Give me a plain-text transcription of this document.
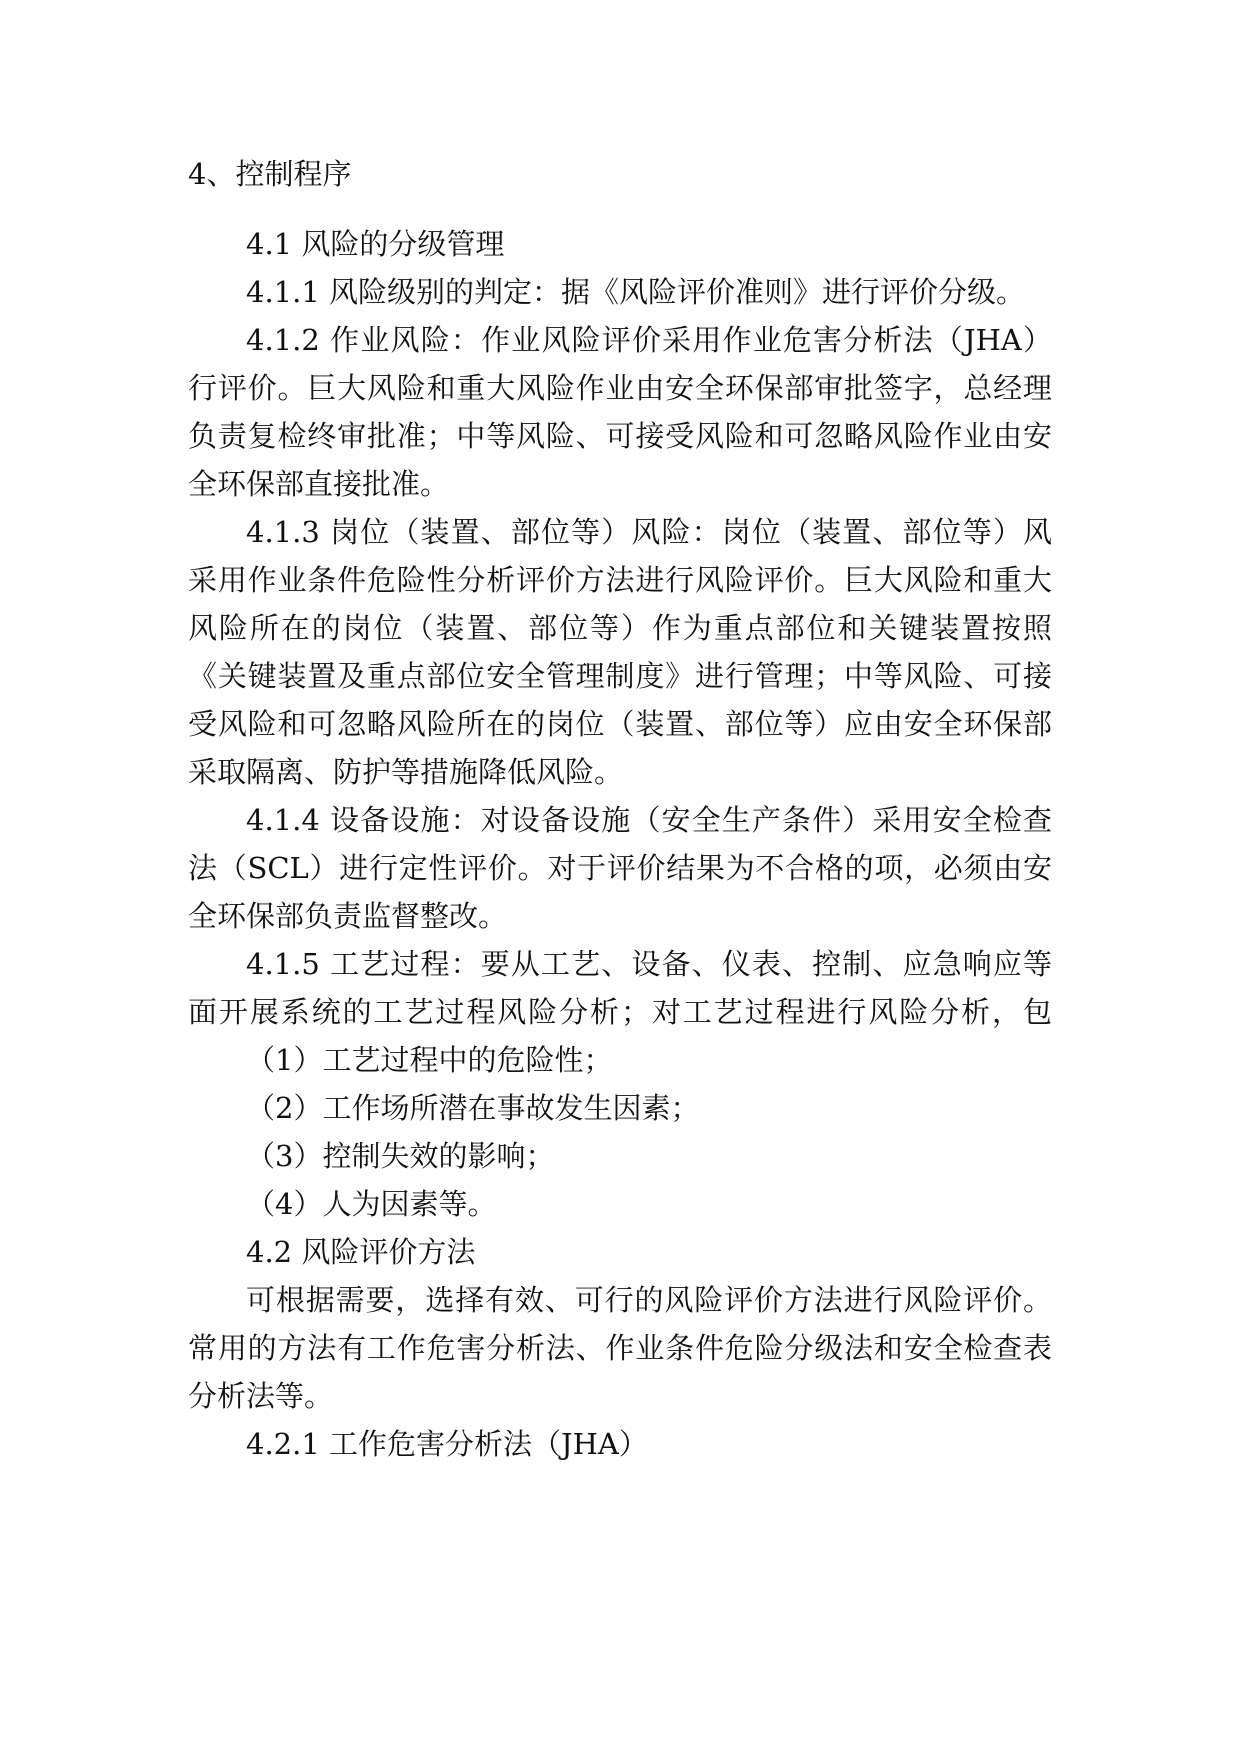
4、控制程序
4.1 风险的分级管理
4.1.1 风险级别的判定：据《风险评价准则》进行评价分级。
4.1.2 作业风险：作业风险评价采用作业危害分析法（JHA）
行评价。巨大风险和重大风险作业由安全环保部审批签字，总经理
负责复检终审批准；中等风险、可接受风险和可忽略风险作业由安
全环保部直接批准。
4.1.3 岗位（装置、部位等）风险：岗位（装置、部位等）风
采用作业条件危险性分析评价方法进行风险评价。巨大风险和重大
风险所在的岗位（装置、部位等）作为重点部位和关键装置按照
《关键装置及重点部位安全管理制度》进行管理；中等风险、可接
受风险和可忽略风险所在的岗位（装置、部位等）应由安全环保部
采取隔离、防护等措施降低风险。
4.1.4 设备设施：对设备设施（安全生产条件）采用安全检查
法（SCL）进行定性评价。对于评价结果为不合格的项，必须由安
全环保部负责监督整改。
4.1.5 工艺过程：要从工艺、设备、仪表、控制、应急响应等
面开展系统的工艺过程风险分析；对工艺过程进行风险分析，包
（1）工艺过程中的危险性；
（2）工作场所潜在事故发生因素；
（3）控制失效的影响；
（4）人为因素等。
4.2 风险评价方法
可根据需要，选择有效、可行的风险评价方法进行风险评价。
常用的方法有工作危害分析法、作业条件危险分级法和安全检查表
分析法等。
4.2.1 工作危害分析法（JHA）
